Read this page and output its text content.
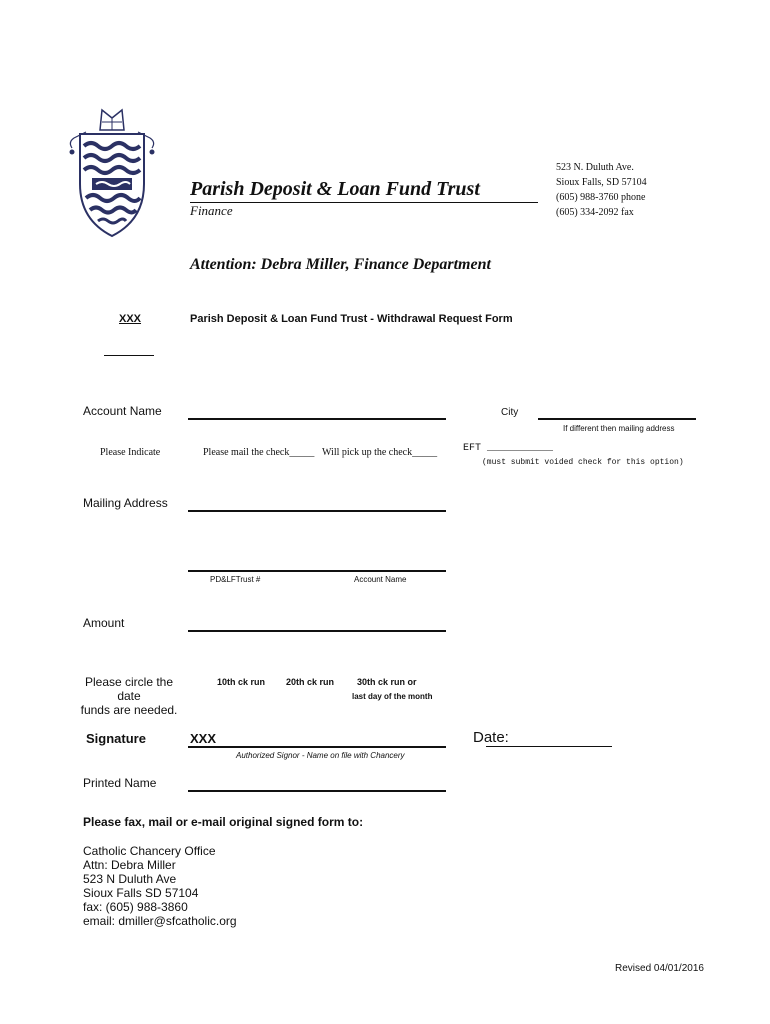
Parish Deposit & Loan Fund Trust
Finance
523 N. Duluth Ave.
Sioux Falls, SD 57104
(605) 988-3760 phone
(605) 334-2092 fax
Attention: Debra Miller, Finance Department
XXX	Parish Deposit & Loan Fund Trust - Withdrawal Request Form
Account Name	City
If different then mailing address
Please Indicate	Please mail the check_____ Will pick up the check_____	EFT ___________
(must submit voided check for this option)
Mailing Address
PD&LFTrust #	Account Name
Amount
Please circle the date
funds are needed.
10th ck run 20th ck run	30th ck run or
last day of the month
Signature	XXX
Authorized Signor - Name on file with Chancery
Date:
Printed Name
Please fax, mail or e-mail original signed form to:
Catholic Chancery Office
Attn: Debra Miller
523 N Duluth Ave
Sioux Falls SD 57104
fax: (605) 988-3860
email: dmiller@sfcatholic.org
Revised 04/01/2016
